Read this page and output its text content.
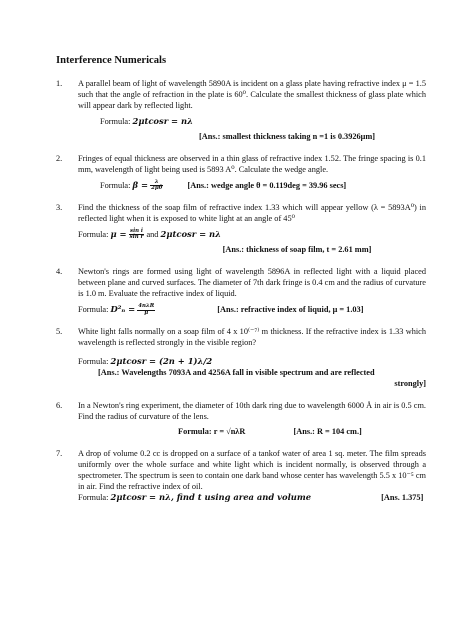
Interference Numericals
1. A parallel beam of light of wavelength 5890A is incident on a glass plate having refractive index μ = 1.5 such that the angle of refraction in the plate is 60⁰. Calculate the smallest thickness of glass plate which will appear dark by reflected light.
Formula: 2μtcosr = nλ
[Ans.: smallest thickness taking n =1 is 0.3926μm]
2. Fringes of equal thickness are observed in a thin glass of refractive index 1.52. The fringe spacing is 0.1 mm, wavelength of light being used is 5893 A⁰. Calculate the wedge angle.
Formula: $\beta = \frac{\lambda}{2\mu\theta}$	[Ans.: wedge angle θ = 0.119deg = 39.96 secs]
3. Find the thickness of the soap film of refractive index 1.33 which will appear yellow (λ = 5893A⁰) in reflected light when it is exposed to white light at an angle of 45⁰
Formula: $\mu = \frac{\text{sin i}}{\text{sin r}}$ and 2μtcosr = nλ
[Ans.: thickness of soap film, t = 2.61 mm]
4. Newton's rings are formed using light of wavelength 5896A in reflected light with a liquid placed between plane and curved surfaces. The diameter of 7th dark fringe is 0.4 cm and the radius of curvature is 1.0 m. Evaluate the refractive index of liquid.
Formula: $D^2_n = \frac{\text{4nλR}}{\mu}$	[Ans.: refractive index of liquid, μ = 1.03]
5. White light falls normally on a soap film of 4 x 10⁽⁻⁷⁾ m thickness. If the refractive index is 1.33 which wavelength is reflected strongly in the visible region?
Formula: 2μtcosr = (2n + 1)λ/2
[Ans.: Wavelengths 7093A and 4256A fall in visible spectrum and are reflected
strongly]
6. In a Newton's ring experiment, the diameter of 10th dark ring due to wavelength 6000 Å in air is 0.5 cm. Find the radius of curvature of the lens.
Formula: r = √nλR	[Ans.: R = 104 cm.]
7. A drop of volume 0.2 cc is dropped on a surface of a tankof water of area 1 sq. meter. The film spreads uniformly over the whole surface and white light which is incident normally, is observed through a spectrometer. The spectrum is seen to contain one dark band whose center has wavelength 5.5 x 10⁻⁵ cm in air. Find the refractive index of oil.
Formula: 2μtcosr = nλ, find t using area and volume	[Ans. 1.375]
